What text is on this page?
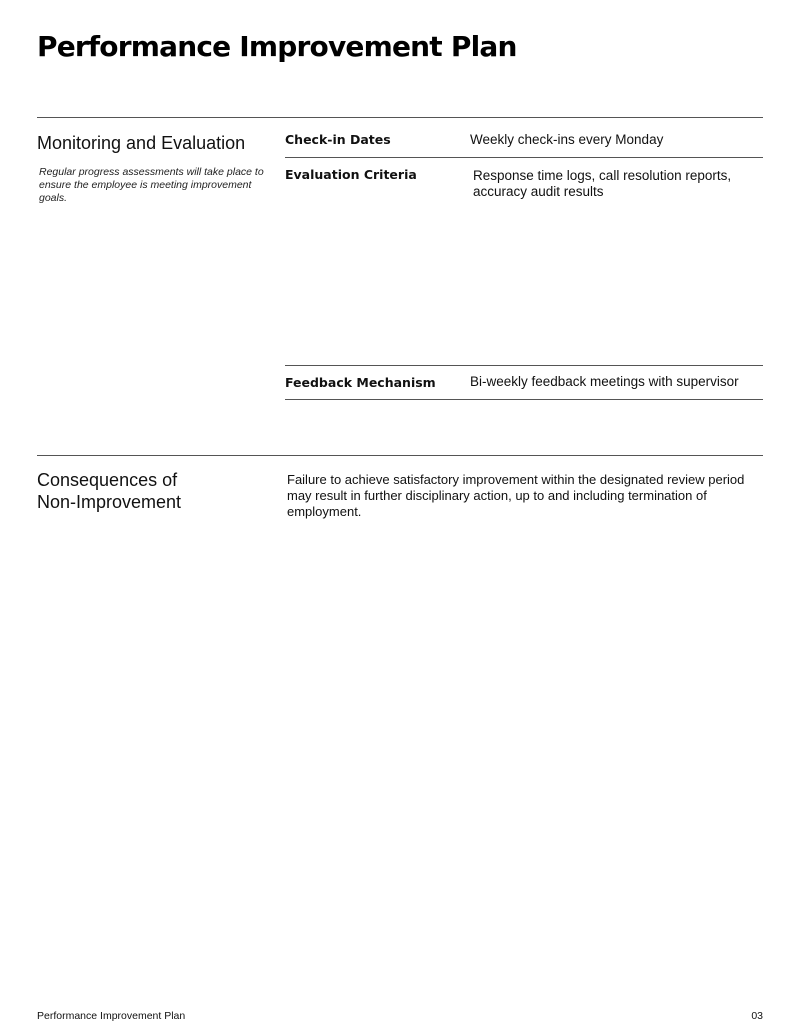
Performance Improvement Plan
Monitoring and Evaluation

Regular progress assessments will take place to ensure the employee is meeting improvement goals.

Check-in Dates	Weekly check-ins every Monday
Evaluation Criteria	Response time logs, call resolution reports, accuracy audit results
Feedback Mechanism	Bi-weekly feedback meetings with supervisor
Consequences of
Non-Improvement

Failure to achieve satisfactory improvement within the designated review period may result in further disciplinary action, up to and including termination of employment.

Performance Improvement Plan	03
